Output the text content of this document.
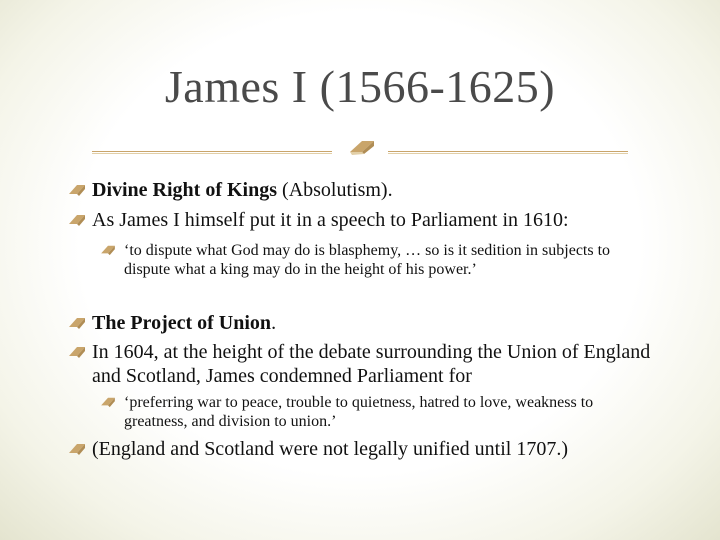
James I (1566-1625)
Divine Right of Kings (Absolutism).
As James I himself put it in a speech to Parliament in 1610:
‘to dispute what God may do is blasphemy, … so is it sedition in subjects to dispute what a king may do in the height of his power.’
The Project of Union.
In 1604, at the height of the debate surrounding the Union of England and Scotland, James condemned Parliament for
‘preferring war to peace, trouble to quietness, hatred to love, weakness to greatness, and division to union.’
(England and Scotland were not legally unified until 1707.)
